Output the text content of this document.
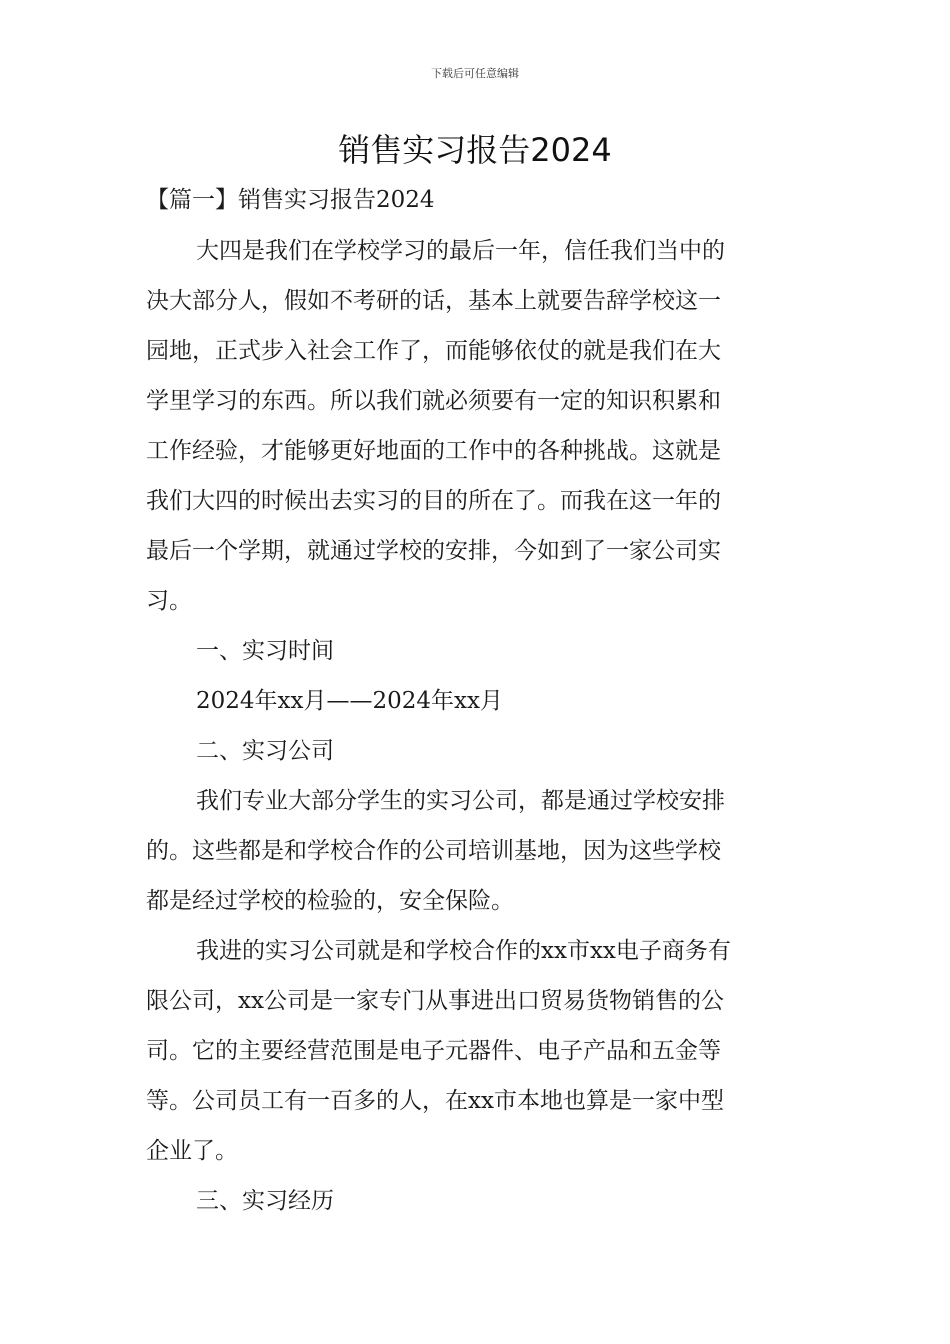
下载后可任意编辑
销售实习报告2024
【篇一】销售实习报告2024
大四是我们在学校学习的最后一年，信任我们当中的
决大部分人，假如不考研的话，基本上就要告辞学校这一
园地，正式步入社会工作了，而能够依仗的就是我们在大
学里学习的东西。所以我们就必须要有一定的知识积累和
工作经验，才能够更好地面的工作中的各种挑战。这就是
我们大四的时候出去实习的目的所在了。而我在这一年的
最后一个学期，就通过学校的安排，今如到了一家公司实
习。
一、实习时间
2024年xx月——2024年xx月
二、实习公司
我们专业大部分学生的实习公司，都是通过学校安排
的。这些都是和学校合作的公司培训基地，因为这些学校
都是经过学校的检验的，安全保险。
我进的实习公司就是和学校合作的xx市xx电子商务有
限公司，xx公司是一家专门从事进出口贸易货物销售的公
司。它的主要经营范围是电子元器件、电子产品和五金等
等。公司员工有一百多的人，在xx市本地也算是一家中型
企业了。
三、实习经历
